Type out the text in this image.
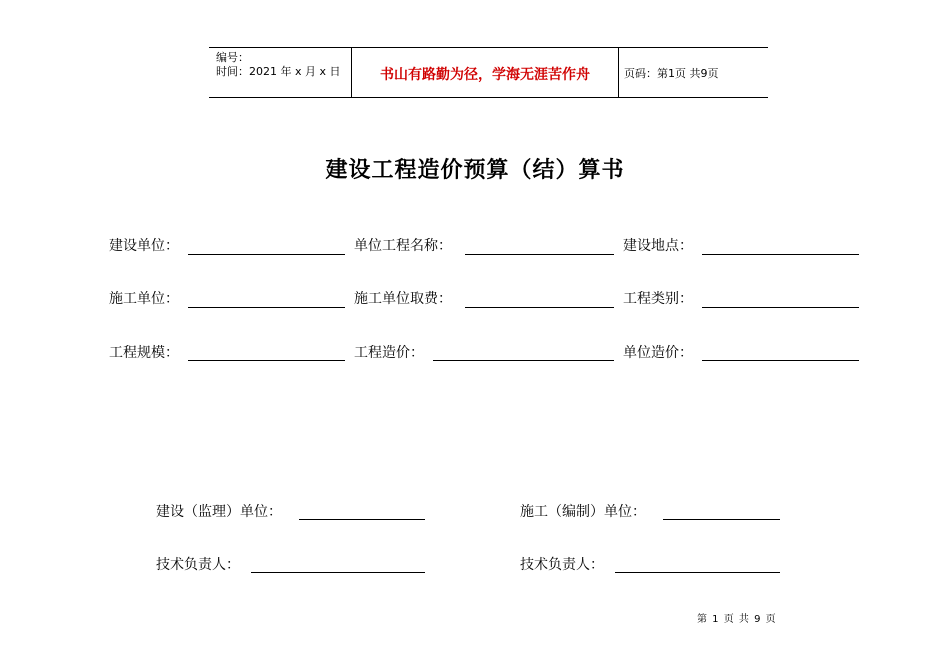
编号：
时间：2021 年 x 月 x 日	书山有路勤为径，学海无涯苦作舟	页码：第1页 共9页
建设工程造价预算（结）算书
建设单位：	单位工程名称：	建设地点：
施工单位：	施工单位取费：	工程类别：
工程规模：	工程造价：	单位造价：
建设（监理）单位：	施工（编制）单位：
技术负责人：	技术负责人：
第 1 页 共 9 页
